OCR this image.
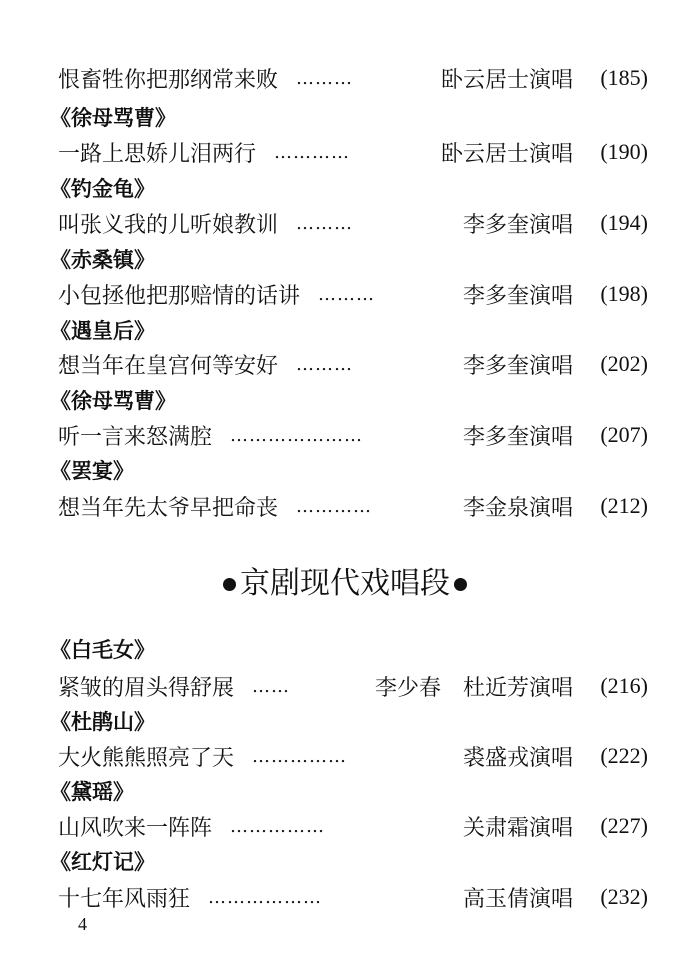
恨畜牲你把那纲常来败 ………	卧云居士演唱	(185)
《徐母骂曹》
一路上思娇儿泪两行 …………	卧云居士演唱	(190)
《钓金龟》
叫张义我的儿听娘教训 ………	李多奎演唱	(194)
《赤桑镇》
小包拯他把那赔情的话讲 ………	李多奎演唱	(198)
《遇皇后》
想当年在皇宫何等安好 ………	李多奎演唱	(202)
《徐母骂曹》
听一言来怒满腔 …………………	李多奎演唱	(207)
《罢宴》
想当年先太爷早把命丧 …………	李金泉演唱	(212)
京剧现代戏唱段
《白毛女》
紧皱的眉头得舒展 ……	李少春　杜近芳演唱	(216)
《杜鹃山》
大火熊熊照亮了天 ……………	裘盛戎演唱	(222)
《黛瑶》
山风吹来一阵阵 ……………	关肃霜演唱	(227)
《红灯记》
十七年风雨狂 ………………	高玉倩演唱	(232)
4
